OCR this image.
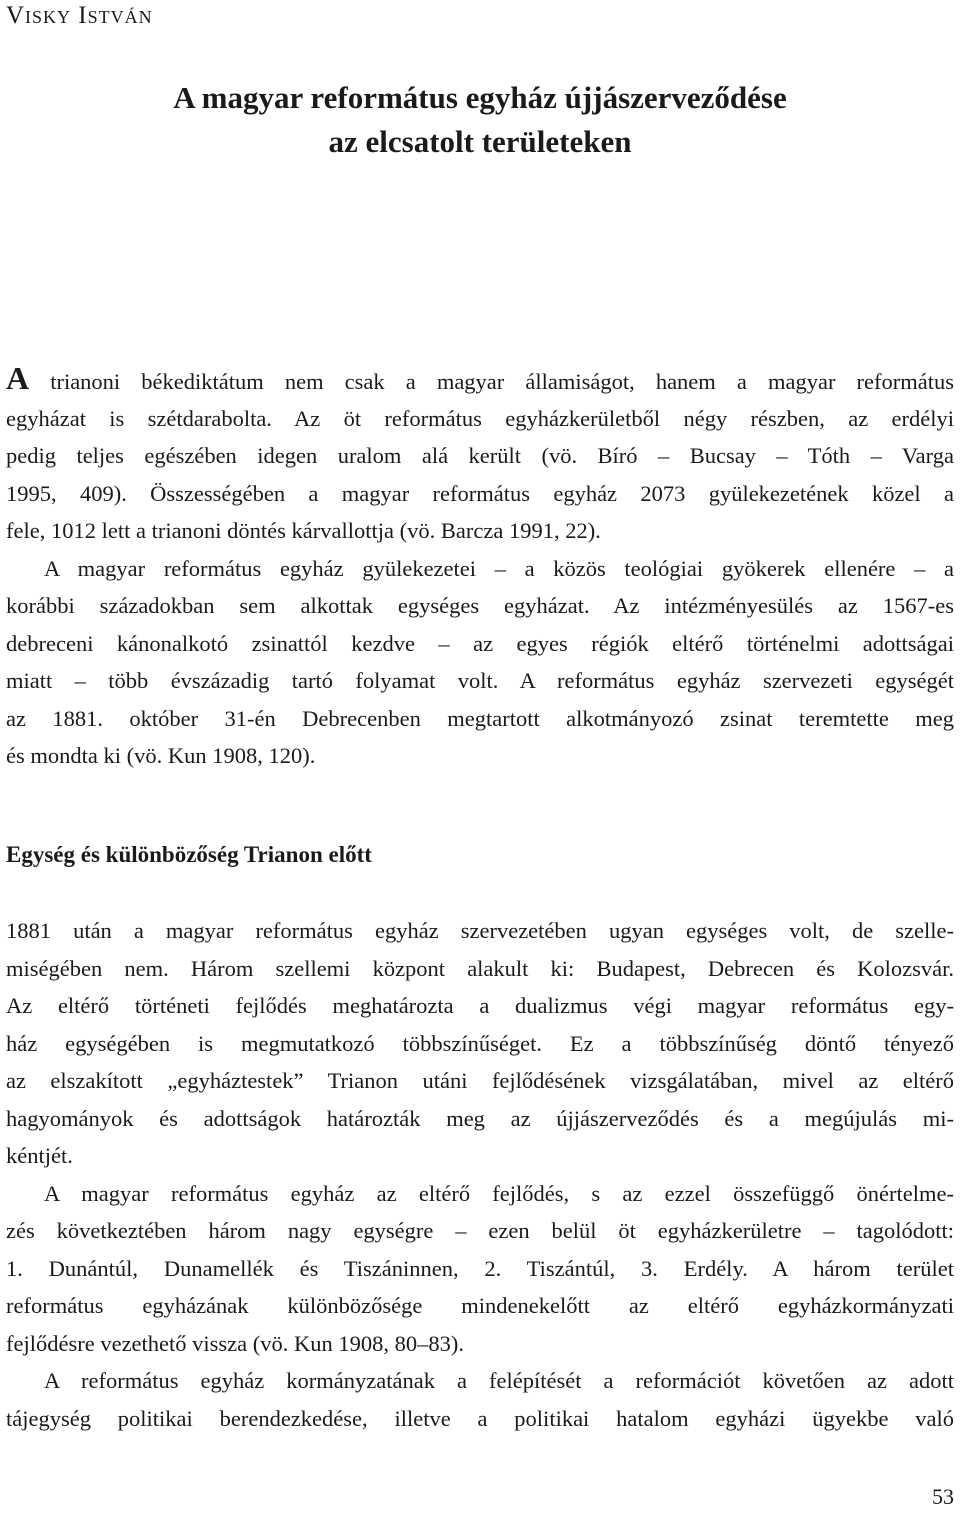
Visky István
A magyar református egyház újjászerveződése
az elcsatolt területeken
A trianoni békediktátum nem csak a magyar államiságot, hanem a magyar református
egyházat is szétdarabolta. Az öt református egyházkerületből négy részben, az erdélyi
pedig teljes egészében idegen uralom alá került (vö. Bíró – Bucsay – Tóth – Varga
1995, 409). Összességében a magyar református egyház 2073 gyülekezetének közel a
fele, 1012 lett a trianoni döntés kárvallottja (vö. Barcza 1991, 22).
A magyar református egyház gyülekezetei – a közös teológiai gyökerek ellenére – a
korábbi századokban sem alkottak egységes egyházat. Az intézményesülés az 1567-es
debreceni kánonalkotó zsinattól kezdve – az egyes régiók eltérő történelmi adottságai
miatt – több évszázadig tartó folyamat volt. A református egyház szervezeti egységét
az 1881. október 31-én Debrecenben megtartott alkotmányozó zsinat teremtette meg
és mondta ki (vö. Kun 1908, 120).
Egység és különbözőség Trianon előtt
1881 után a magyar református egyház szervezetében ugyan egységes volt, de szelle-
miségében nem. Három szellemi központ alakult ki: Budapest, Debrecen és Kolozsvár.
Az eltérő történeti fejlődés meghatározta a dualizmus végi magyar református egy-
ház egységében is megmutatkozó többszínűséget. Ez a többszínűség döntő tényező
az elszakított „egyháztestek” Trianon utáni fejlődésének vizsgálatában, mivel az eltérő
hagyományok és adottságok határozták meg az újjászerveződés és a megújulás mi-
kéntjét.
A magyar református egyház az eltérő fejlődés, s az ezzel összefüggő önértelme-
zés következtében három nagy egységre – ezen belül öt egyházkerületre – tagolódott:
1. Dunántúl, Dunamellék és Tiszáninnen, 2. Tiszántúl, 3. Erdély. A három terület
református egyházának különbözősége mindenekelőtt az eltérő egyházkormányzati
fejlődésre vezethető vissza (vö. Kun 1908, 80–83).
A református egyház kormányzatának a felépítését a reformációt követően az adott
tájegység politikai berendezkedése, illetve a politikai hatalom egyházi ügyekbe való
53
